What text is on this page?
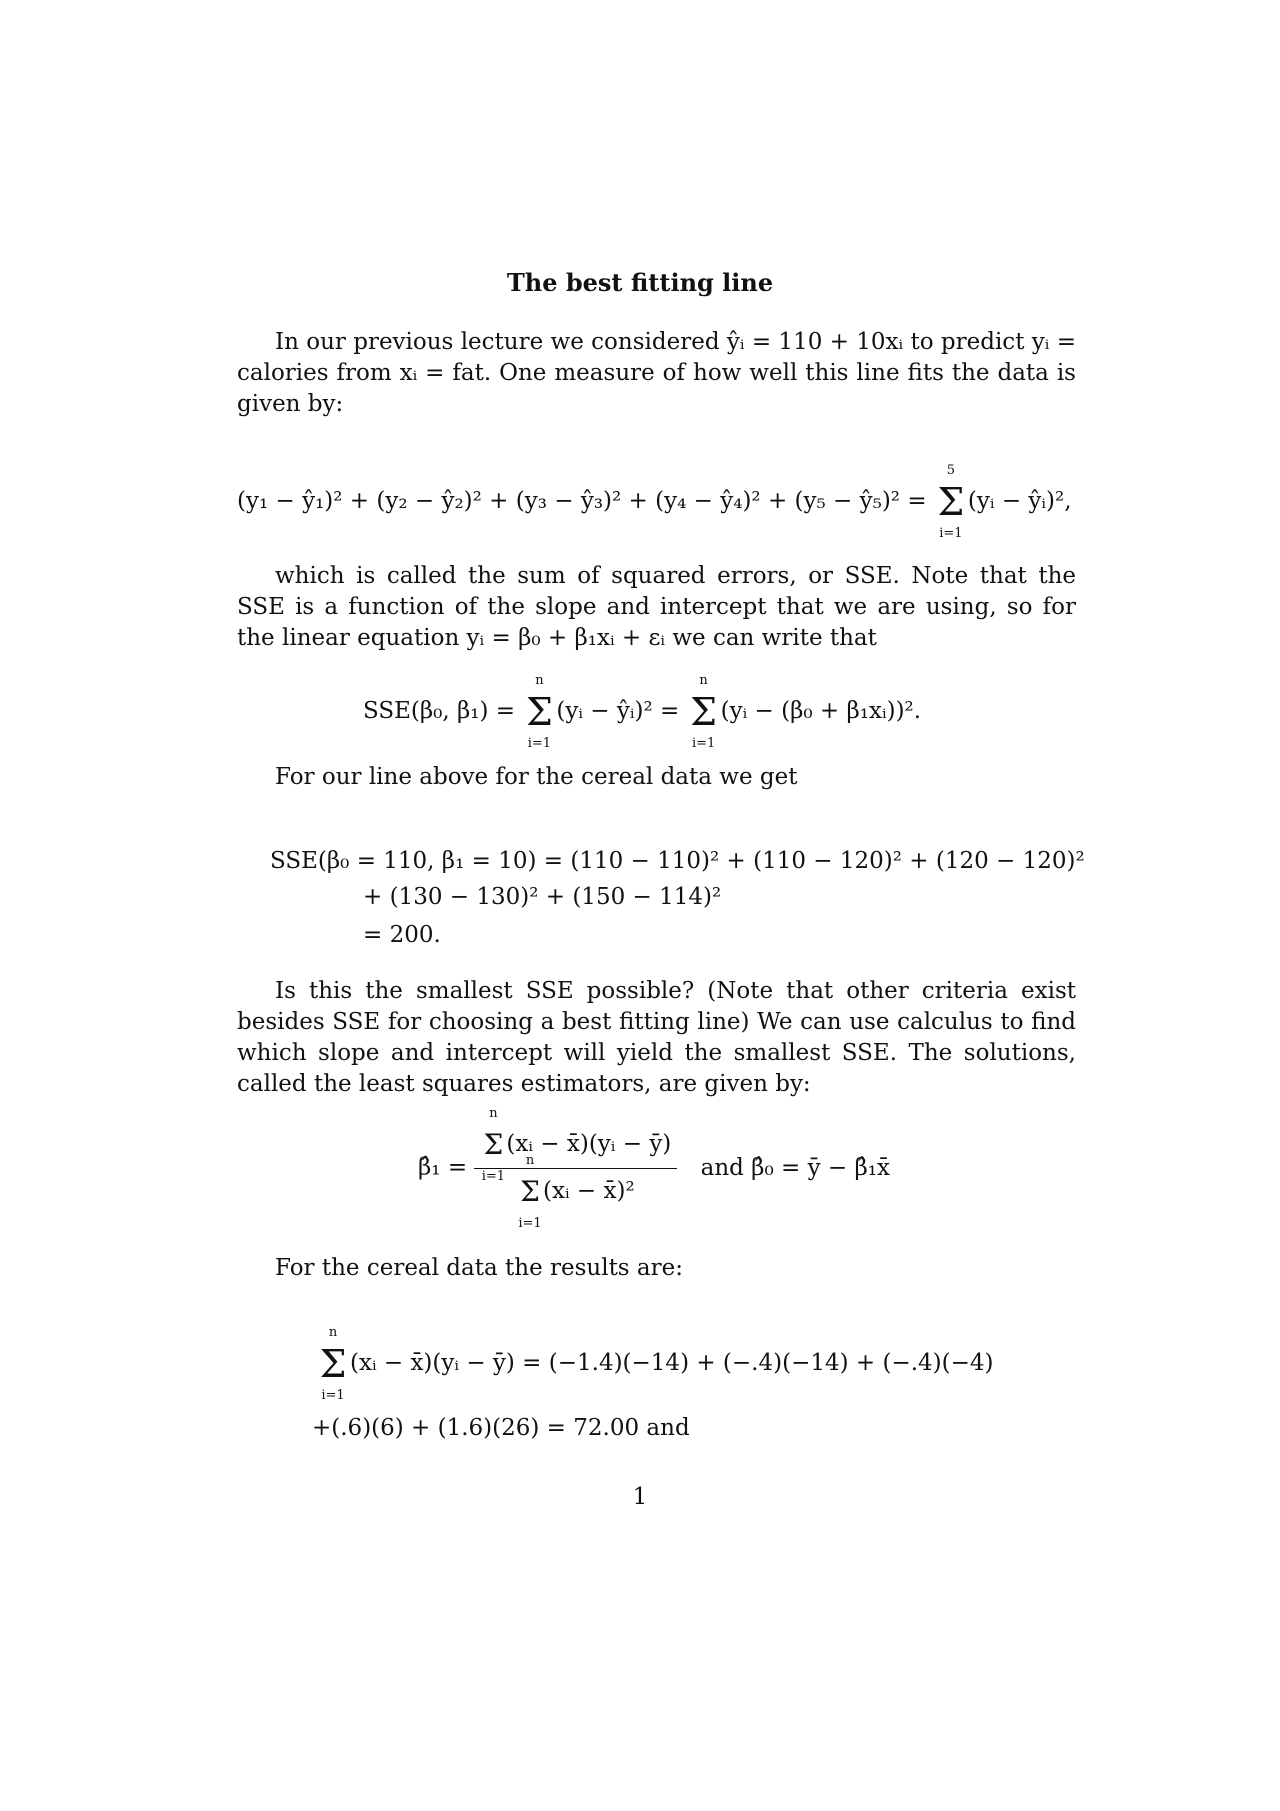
The best fitting line

In our previous lecture we considered ŷᵢ = 110 + 10xᵢ to predict yᵢ = calories from xᵢ = fat. One measure of how well this line fits the data is given by:

(y₁ − ŷ₁)² + (y₂ − ŷ₂)² + (y₃ − ŷ₃)² + (y₄ − ŷ₄)² + (y₅ − ŷ₅)² =
5
Σ
i=1
(yᵢ − ŷᵢ)²,

which is called the sum of squared errors, or SSE. Note that the SSE is a function of the slope and intercept that we are using, so for the linear equation yᵢ = β₀ + β₁xᵢ + εᵢ we can write that

SSE(β₀, β₁) =
n
Σ
i=1
(yᵢ − ŷᵢ)² =
n
Σ
i=1
(yᵢ − (β₀ + β₁xᵢ))².
For our line above for the cereal data we get
SSE(β₀ = 110, β₁ = 10) = (110 − 110)² + (110 − 120)² + (120 − 120)²
+ (130 − 130)² + (150 − 114)²
= 200.

Is this the smallest SSE possible? (Note that other criteria exist besides SSE for choosing a best fitting line) We can use calculus to find which slope and intercept will yield the smallest SSE. The solutions, called the least squares estimators, are given by:

β̂₁ = n
Σ
i=1
(xᵢ − x̄)(yᵢ − ȳ)
n
Σ
i=1
(xᵢ − x̄)² and β̂₀ = ȳ − β̂₁x̄
For the cereal data the results are:
n
Σ
i=1
(xᵢ − x̄)(yᵢ − ȳ) = (−1.4)(−14) + (−.4)(−14) + (−.4)(−4)
+(.6)(6) + (1.6)(26) = 72.00 and
1
